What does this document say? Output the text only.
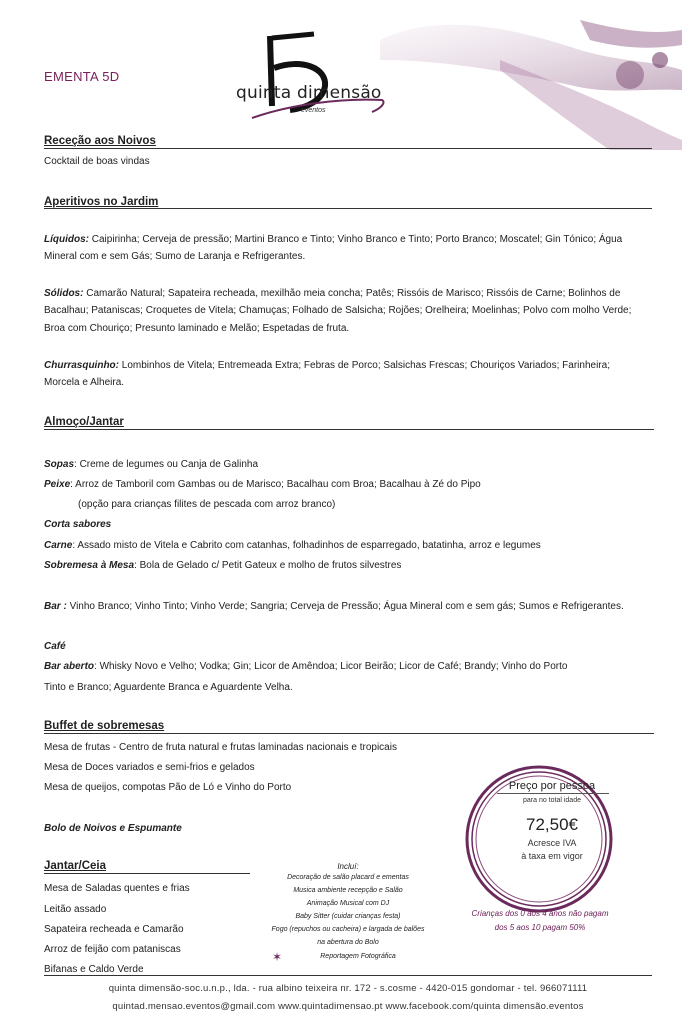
EMENTA 5D
quinta dimensão
eventos
Receção aos Noivos
Cocktail de boas vindas
Aperitivos no Jardim
Líquidos: Caipirinha; Cerveja de pressão; Martini Branco e Tinto; Vinho Branco e Tinto; Porto Branco; Moscatel; Gin Tónico; Água
Mineral com e sem Gás; Sumo de Laranja e Refrigerantes.
Sólidos: Camarão Natural; Sapateira recheada, mexilhão meia concha; Patês; Rissóis de Marisco; Rissóis de Carne; Bolinhos de
Bacalhau; Pataniscas; Croquetes de Vitela; Chamuças; Folhado de Salsicha; Rojões; Orelheira; Moelinhas; Polvo com molho Verde;
Broa com Chouriço; Presunto laminado e Melão; Espetadas de fruta.
Churrasquinho: Lombinhos de Vitela; Entremeada Extra; Febras de Porco; Salsichas Frescas; Chouriços Variados; Farinheira;
Morcela e Alheira.
Almoço/Jantar
Sopas: Creme de legumes ou Canja de Galinha
Peixe: Arroz de Tamboril com Gambas ou de Marisco; Bacalhau com Broa; Bacalhau à Zé do Pipo
(opção para crianças filites de pescada com arroz branco)
Corta sabores
Carne: Assado misto de Vitela e Cabrito com catanhas, folhadinhos de esparregado, batatinha, arroz e legumes
Sobremesa à Mesa: Bola de Gelado c/ Petit Gateux e molho de frutos silvestres
Bar : Vinho Branco; Vinho Tinto; Vinho Verde; Sangria; Cerveja de Pressão; Água Mineral com e sem gás; Sumos e Refrigerantes.
Café
Bar aberto: Whisky Novo e Velho; Vodka; Gin; Licor de Amêndoa; Licor Beirão; Licor de Café; Brandy; Vinho do Porto
Tinto e Branco; Aguardente Branca e Aguardente Velha.
Buffet de sobremesas
Mesa de frutas - Centro de fruta natural e frutas laminadas nacionais e tropicais
Mesa de Doces variados e semi-frios e gelados
Mesa de queijos, compotas Pão de Ló e Vinho do Porto
Bolo de Noivos e Espumante
Jantar/Ceia
Mesa de Saladas quentes e frias
Leitão assado
Sapateira recheada e Camarão
Arroz de feijão com pataniscas
Bifanas e Caldo Verde
Incluí:
Decoração de salão placard e ementas
Musica ambiente recepção e Salão
Animação Musical com DJ
Baby Sitter (cuidar crianças festa)
Fogo (repuchos ou cacheira) e largada de balões
na abertura do Bolo
✶	Reportagem Fotográfica
Preço por pessoa
para no total idade
72,50€
Acresce IVA
à taxa em vigor
Crianças dos 0 aos 4 anos não pagam
dos 5 aos 10 pagam 50%
quinta dimensão-soc.u.n.p., lda. - rua albino teixeira nr. 172 - s.cosme - 4420-015 gondomar - tel. 966071111
quintad.mensao.eventos@gmail.com www.quintadimensao.pt www.facebook.com/quinta dimensão.eventos
